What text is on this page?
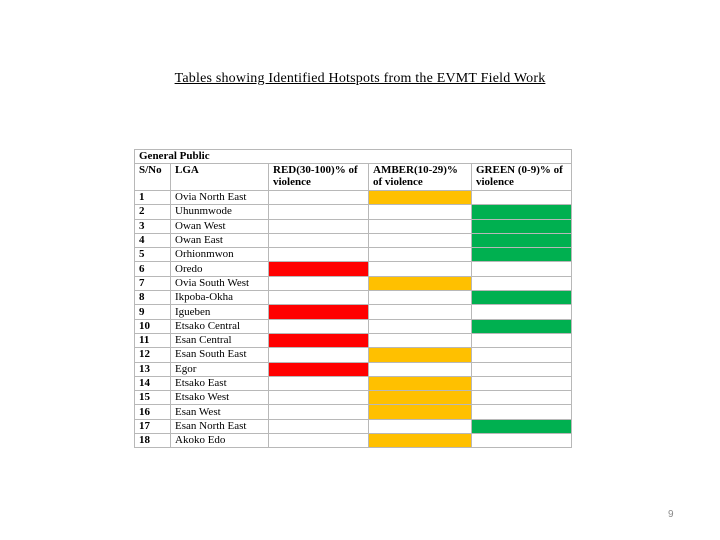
Tables showing Identified Hotspots from the EVMT Field Work
General Public				
S/No	LGA	RED(30-100)% of violence	AMBER(10-29)% of violence	GREEN (0-9)% of violence
1	Ovia North East			
2	Uhunmwode			
3	Owan West			
4	Owan East			
5	Orhionmwon			
6	Oredo			
7	Ovia South West			
8	Ikpoba-Okha			
9	Igueben			
10	Etsako Central			
11	Esan Central			
12	Esan South East			
13	Egor			
14	Etsako East			
15	Etsako West			
16	Esan West			
17	Esan North East			
18	Akoko Edo			
9
